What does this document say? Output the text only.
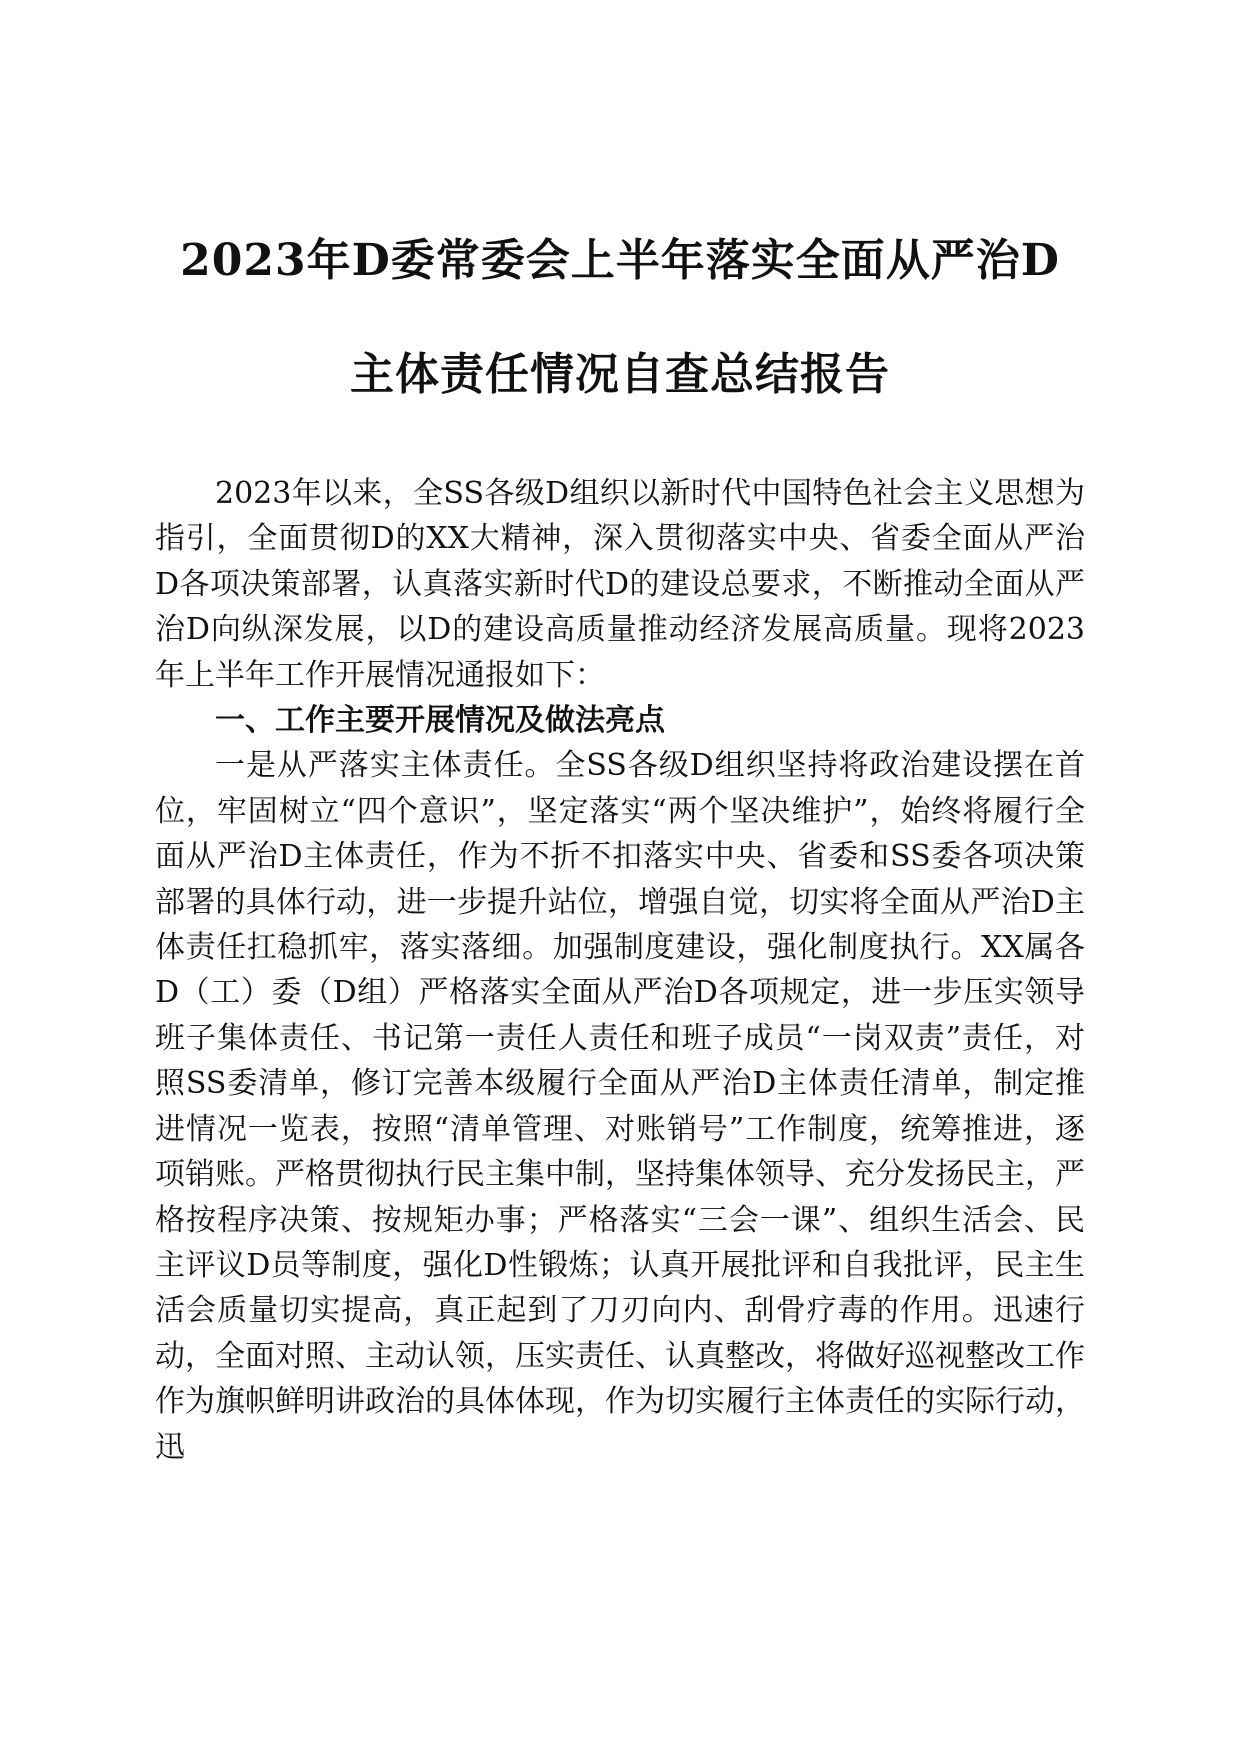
2023年D委常委会上半年落实全面从严治D
主体责任情况自查总结报告

2023年以来，全SS各级D组织以新时代中国特色社会主义思想为指引，全面贯彻D的XX大精神，深入贯彻落实中央、省委全面从严治D各项决策部署，认真落实新时代D的建设总要求，不断推动全面从严治D向纵深发展，以D的建设高质量推动经济发展高质量。现将2023年上半年工作开展情况通报如下：

一、工作主要开展情况及做法亮点

一是从严落实主体责任。全SS各级D组织坚持将政治建设摆在首位，牢固树立“四个意识”，坚定落实“两个坚决维护”，始终将履行全面从严治D主体责任，作为不折不扣落实中央、省委和SS委各项决策部署的具体行动，进一步提升站位，增强自觉，切实将全面从严治D主体责任扛稳抓牢，落实落细。加强制度建设，强化制度执行。XX属各D（工）委（D组）严格落实全面从严治D各项规定，进一步压实领导班子集体责任、书记第一责任人责任和班子成员“一岗双责”责任，对照SS委清单，修订完善本级履行全面从严治D主体责任清单，制定推进情况一览表，按照“清单管理、对账销号”工作制度，统筹推进，逐项销账。严格贯彻执行民主集中制，坚持集体领导、充分发扬民主，严格按程序决策、按规矩办事；严格落实“三会一课”、组织生活会、民主评议D员等制度，强化D性锻炼；认真开展批评和自我批评，民主生活会质量切实提高，真正起到了刀刃向内、刮骨疗毒的作用。迅速行动，全面对照、主动认领，压实责任、认真整改，将做好巡视整改工作作为旗帜鲜明讲政治的具体体现，作为切实履行主体责任的实际行动，迅
